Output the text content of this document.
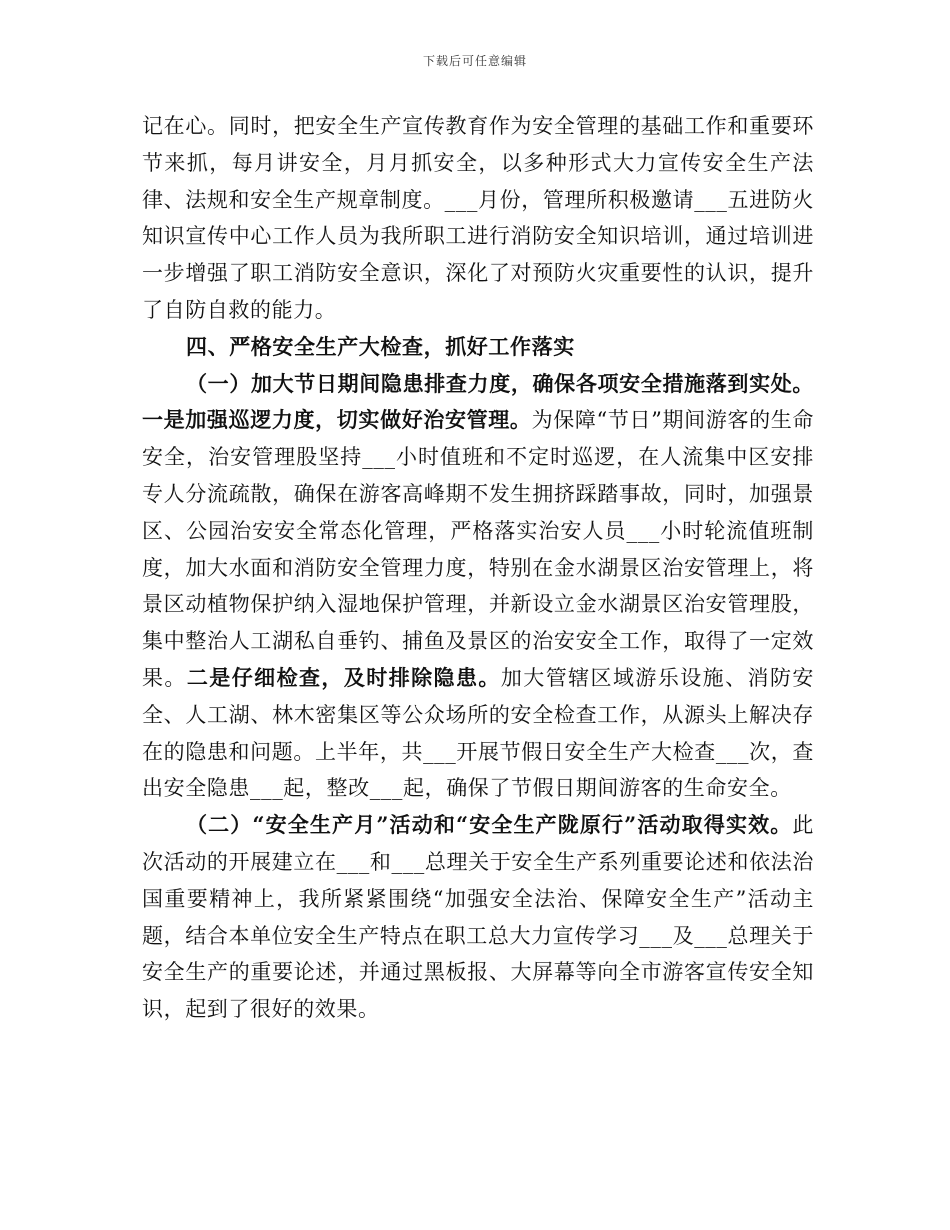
下载后可任意编辑

记在心。同时，把安全生产宣传教育作为安全管理的基础工作和重要环节来抓，每月讲安全，月月抓安全，以多种形式大力宣传安全生产法律、法规和安全生产规章制度。___月份，管理所积极邀请___五进防火知识宣传中心工作人员为我所职工进行消防安全知识培训，通过培训进一步增强了职工消防安全意识，深化了对预防火灾重要性的认识，提升了自防自救的能力。

四、严格安全生产大检查，抓好工作落实

（一）加大节日期间隐患排查力度，确保各项安全措施落到实处。一是加强巡逻力度，切实做好治安管理。为保障“节日”期间游客的生命安全，治安管理股坚持___小时值班和不定时巡逻，在人流集中区安排专人分流疏散，确保在游客高峰期不发生拥挤踩踏事故，同时，加强景区、公园治安安全常态化管理，严格落实治安人员___小时轮流值班制度，加大水面和消防安全管理力度，特别在金水湖景区治安管理上，将景区动植物保护纳入湿地保护管理，并新设立金水湖景区治安管理股，集中整治人工湖私自垂钓、捕鱼及景区的治安安全工作，取得了一定效果。二是仔细检查，及时排除隐患。加大管辖区域游乐设施、消防安全、人工湖、林木密集区等公众场所的安全检查工作，从源头上解决存在的隐患和问题。上半年，共___开展节假日安全生产大检查___次，查出安全隐患___起，整改___起，确保了节假日期间游客的生命安全。

（二）“安全生产月”活动和“安全生产陇原行”活动取得实效。此次活动的开展建立在___和___总理关于安全生产系列重要论述和依法治国重要精神上，我所紧紧围绕“加强安全法治、保障安全生产”活动主题，结合本单位安全生产特点在职工总大力宣传学习___及___总理关于安全生产的重要论述，并通过黑板报、大屏幕等向全市游客宣传安全知识，起到了很好的效果。
